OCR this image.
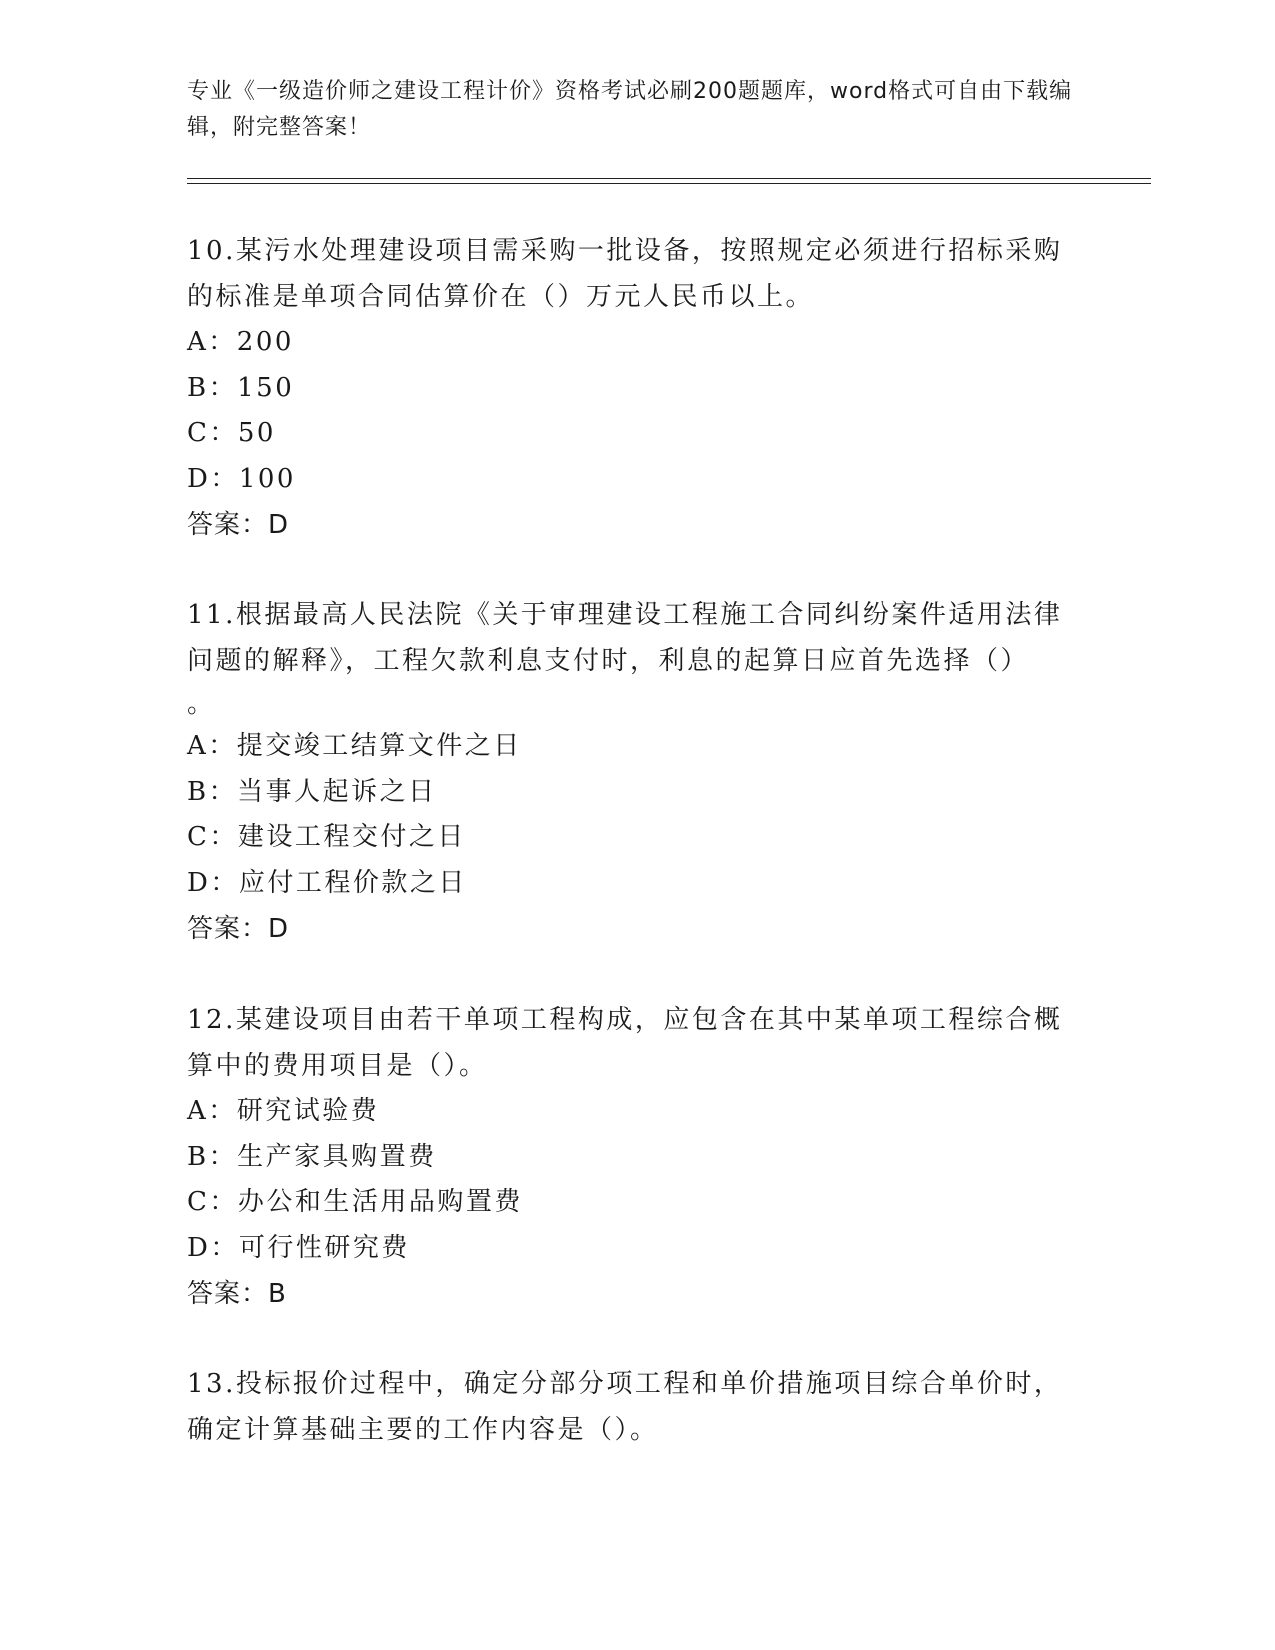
专业《一级造价师之建设工程计价》资格考试必刷200题题库，word格式可自由下载编辑，附完整答案！

10.某污水处理建设项目需采购一批设备，按照规定必须进行招标采购的标准是单项合同估算价在（）万元人民币以上。

A：200

B：150

C：50

D：100

答案：D

11.根据最高人民法院《关于审理建设工程施工合同纠纷案件适用法律问题的解释》，工程欠款利息支付时，利息的起算日应首先选择（）
。

A：提交竣工结算文件之日

B：当事人起诉之日

C：建设工程交付之日

D：应付工程价款之日

答案：D

12.某建设项目由若干单项工程构成，应包含在其中某单项工程综合概算中的费用项目是（）。

A：研究试验费

B：生产家具购置费

C：办公和生活用品购置费

D：可行性研究费

答案：B

13.投标报价过程中，确定分部分项工程和单价措施项目综合单价时，确定计算基础主要的工作内容是（）。
